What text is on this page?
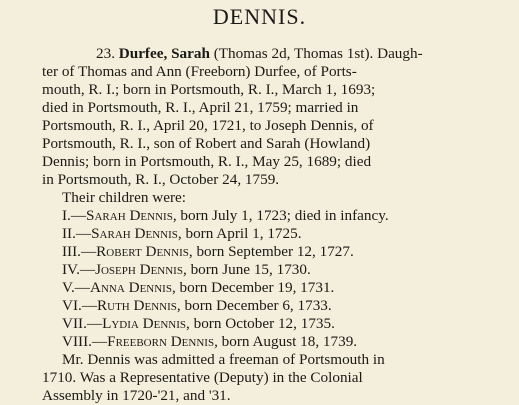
DENNIS.
23. Durfee, Sarah (Thomas 2d, Thomas 1st). Daugh-
ter of Thomas and Ann (Freeborn) Durfee, of Ports-
mouth, R. I.; born in Portsmouth, R. I., March 1, 1693;
died in Portsmouth, R. I., April 21, 1759; married in
Portsmouth, R. I., April 20, 1721, to Joseph Dennis, of
Portsmouth, R. I., son of Robert and Sarah (Howland)
Dennis; born in Portsmouth, R. I., May 25, 1689; died
in Portsmouth, R. I., October 24, 1759.
Their children were:
I.—Sarah Dennis, born July 1, 1723; died in infancy.
II.—Sarah Dennis, born April 1, 1725.
III.—Robert Dennis, born September 12, 1727.
IV.—Joseph Dennis, born June 15, 1730.
V.—Anna Dennis, born December 19, 1731.
VI.—Ruth Dennis, born December 6, 1733.
VII.—Lydia Dennis, born October 12, 1735.
VIII.—Freeborn Dennis, born August 18, 1739.
Mr. Dennis was admitted a freeman of Portsmouth in
1710. Was a Representative (Deputy) in the Colonial
Assembly in 1720-'21, and '31.
